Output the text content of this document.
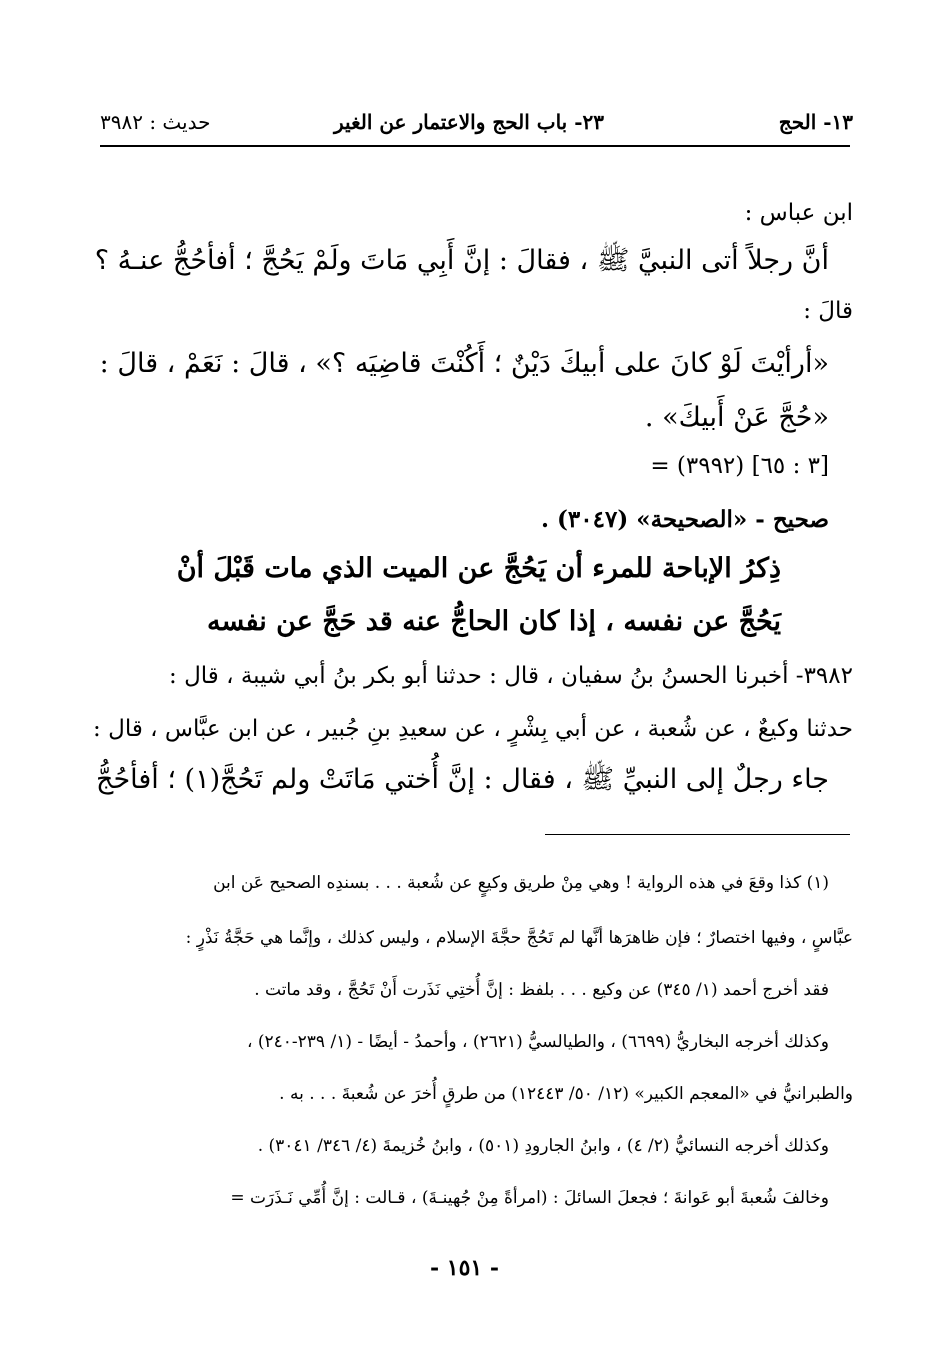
١٣- الحج
٢٣- باب الحج والاعتمار عن الغير
حديث : ٣٩٨٢
ابن عباس :
أنَّ رجلاً أتى النبيَّ ﷺ ، فقالَ : إنَّ أَبِي مَاتَ ولَمْ يَحُجَّ ؛ أفأحُجُّ عنـهُ ؟
قالَ :
«أرأيْتَ لَوْ كانَ على أبيكَ دَيْنٌ ؛ أَكُنْتَ قاضِيَه ؟» ، قالَ : نَعَمْ ، قالَ :
«حُجَّ عَنْ أَبيكَ» .
= (٣٩٩٢) [٣ : ٦٥]
صحيح - «الصحيحة» (٣٠٤٧) .
ذِكرُ الإباحة للمرء أن يَحُجَّ عن الميت الذي مات قَبْلَ أنْ
يَحُجَّ عن نفسه ، إذا كان الحاجُّ عنه قد حَجَّ عن نفسه
٣٩٨٢- أخبرنا الحسنُ بنُ سفيان ، قال : حدثنا أبو بكر بنُ أبي شيبة ، قال :
حدثنا وكيعٌ ، عن شُعبة ، عن أبي بِشْرٍ ، عن سعيدِ بنِ جُبير ، عن ابن عبَّاس ، قال :
جاء رجلٌ إلى النبيِّ ﷺ ، فقال : إنَّ أُختي مَاتَتْ ولم تَحُجَّ(١) ؛ أفأحُجُّ
(١) كذا وقعَ في هذه الرواية ! وهي مِنْ طريق وكيعٍ عن شُعبة . . . بسندِه الصحيح عَن ابن
عبَّاسٍ ، وفيها اختصارٌ ؛ فإن ظاهرَها أنَّها لم تَحُجَّ حجَّةَ الإسلام ، وليس كذلك ، وإنَّما هي حَجَّةُ نَذْرٍ :
فقد أخرج أحمد (١/ ٣٤٥) عن وكيع . . . بلفظ : إنَّ أُختِي نَذَرت أَنْ تَحُجَّ ، وقد ماتت .
وكذلك أخرجه البخاريُّ (٦٦٩٩) ، والطيالسيُّ (٢٦٢١) ، وأحمدُ - أيضًا - (١/ ٢٣٩-٢٤٠) ،
والطبرانيُّ في «المعجم الكبير» (١٢/ ٥٠/ ١٢٤٤٣) من طرقٍ أُخرَ عن شُعبةَ . . . به .
وكذلك أخرجه النسائيُّ (٢/ ٤) ، وابنُ الجارودِ (٥٠١) ، وابنُ خُزيمةَ (٤/ ٣٤٦/ ٣٠٤١) .
وخالفَ شُعبةَ أبو عَوانةَ ؛ فجعلَ السائلَ : (امرأةً مِنْ جُهينـةَ) ، قـالت : إنَّ أُمِّي نَـذَرَت =
- ١٥١ -
